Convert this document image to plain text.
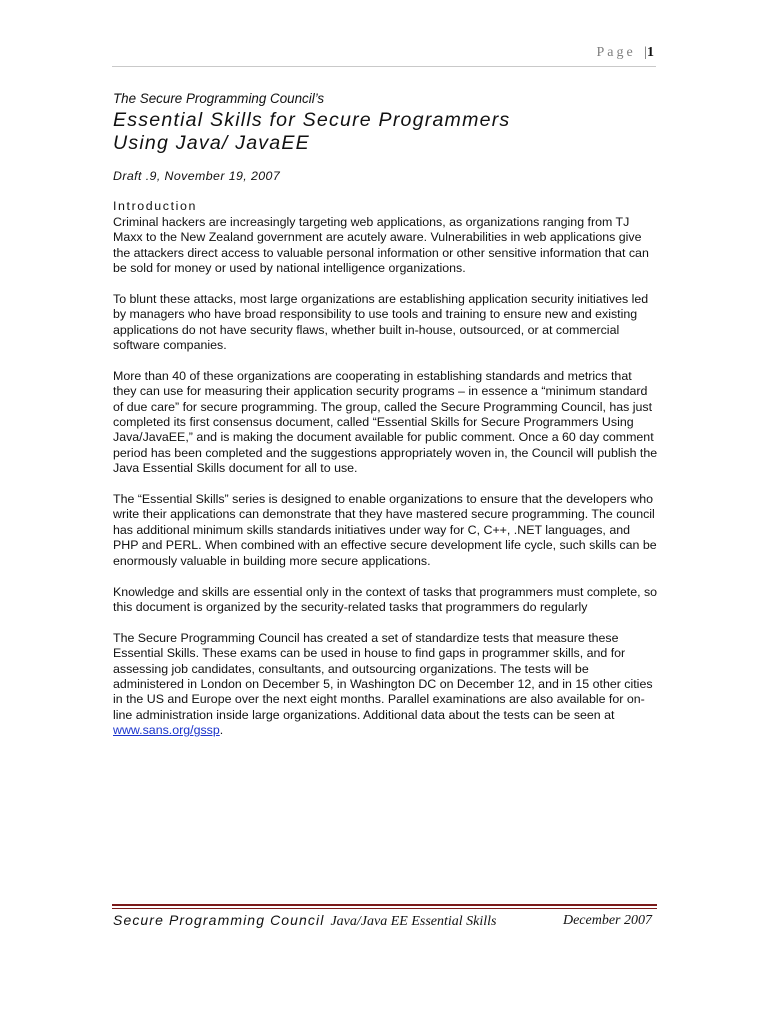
Page |1
The Secure Programming Council’s
Essential Skills for Secure Programmers
Using Java/ JavaEE
Draft .9, November 19, 2007
Introduction

Criminal hackers are increasingly targeting web applications, as organizations ranging from TJ Maxx to the New Zealand government are acutely aware. Vulnerabilities in web applications give the attackers direct access to valuable personal information or other sensitive information that can be sold for money or used by national intelligence organizations.

To blunt these attacks, most large organizations are establishing application security initiatives led by managers who have broad responsibility to use tools and training to ensure new and existing applications do not have security flaws, whether built in-house, outsourced, or at commercial software companies.

More than 40 of these organizations are cooperating in establishing standards and metrics that they can use for measuring their application security programs – in essence a “minimum standard of due care” for secure programming. The group, called the Secure Programming Council, has just completed its first consensus document, called “Essential Skills for Secure Programmers Using Java/JavaEE,” and is making the document available for public comment. Once a 60 day comment period has been completed and the suggestions appropriately woven in, the Council will publish the Java Essential Skills document for all to use.

The “Essential Skills” series is designed to enable organizations to ensure that the developers who write their applications can demonstrate that they have mastered secure programming. The council has additional minimum skills standards initiatives under way for C, C++, .NET languages, and PHP and PERL. When combined with an effective secure development life cycle, such skills can be enormously valuable in building more secure applications.

Knowledge and skills are essential only in the context of tasks that programmers must complete, so this document is organized by the security-related tasks that programmers do regularly

The Secure Programming Council has created a set of standardize tests that measure these Essential Skills. These exams can be used in house to find gaps in programmer skills, and for assessing job candidates, consultants, and outsourcing organizations. The tests will be administered in London on December 5, in Washington DC on December 12, and in 15 other cities in the US and Europe over the next eight months. Parallel examinations are also available for on-line administration inside large organizations. Additional data about the tests can be seen at www.sans.org/gssp.

Secure Programming Council Java/Java EE Essential Skills	December 2007
